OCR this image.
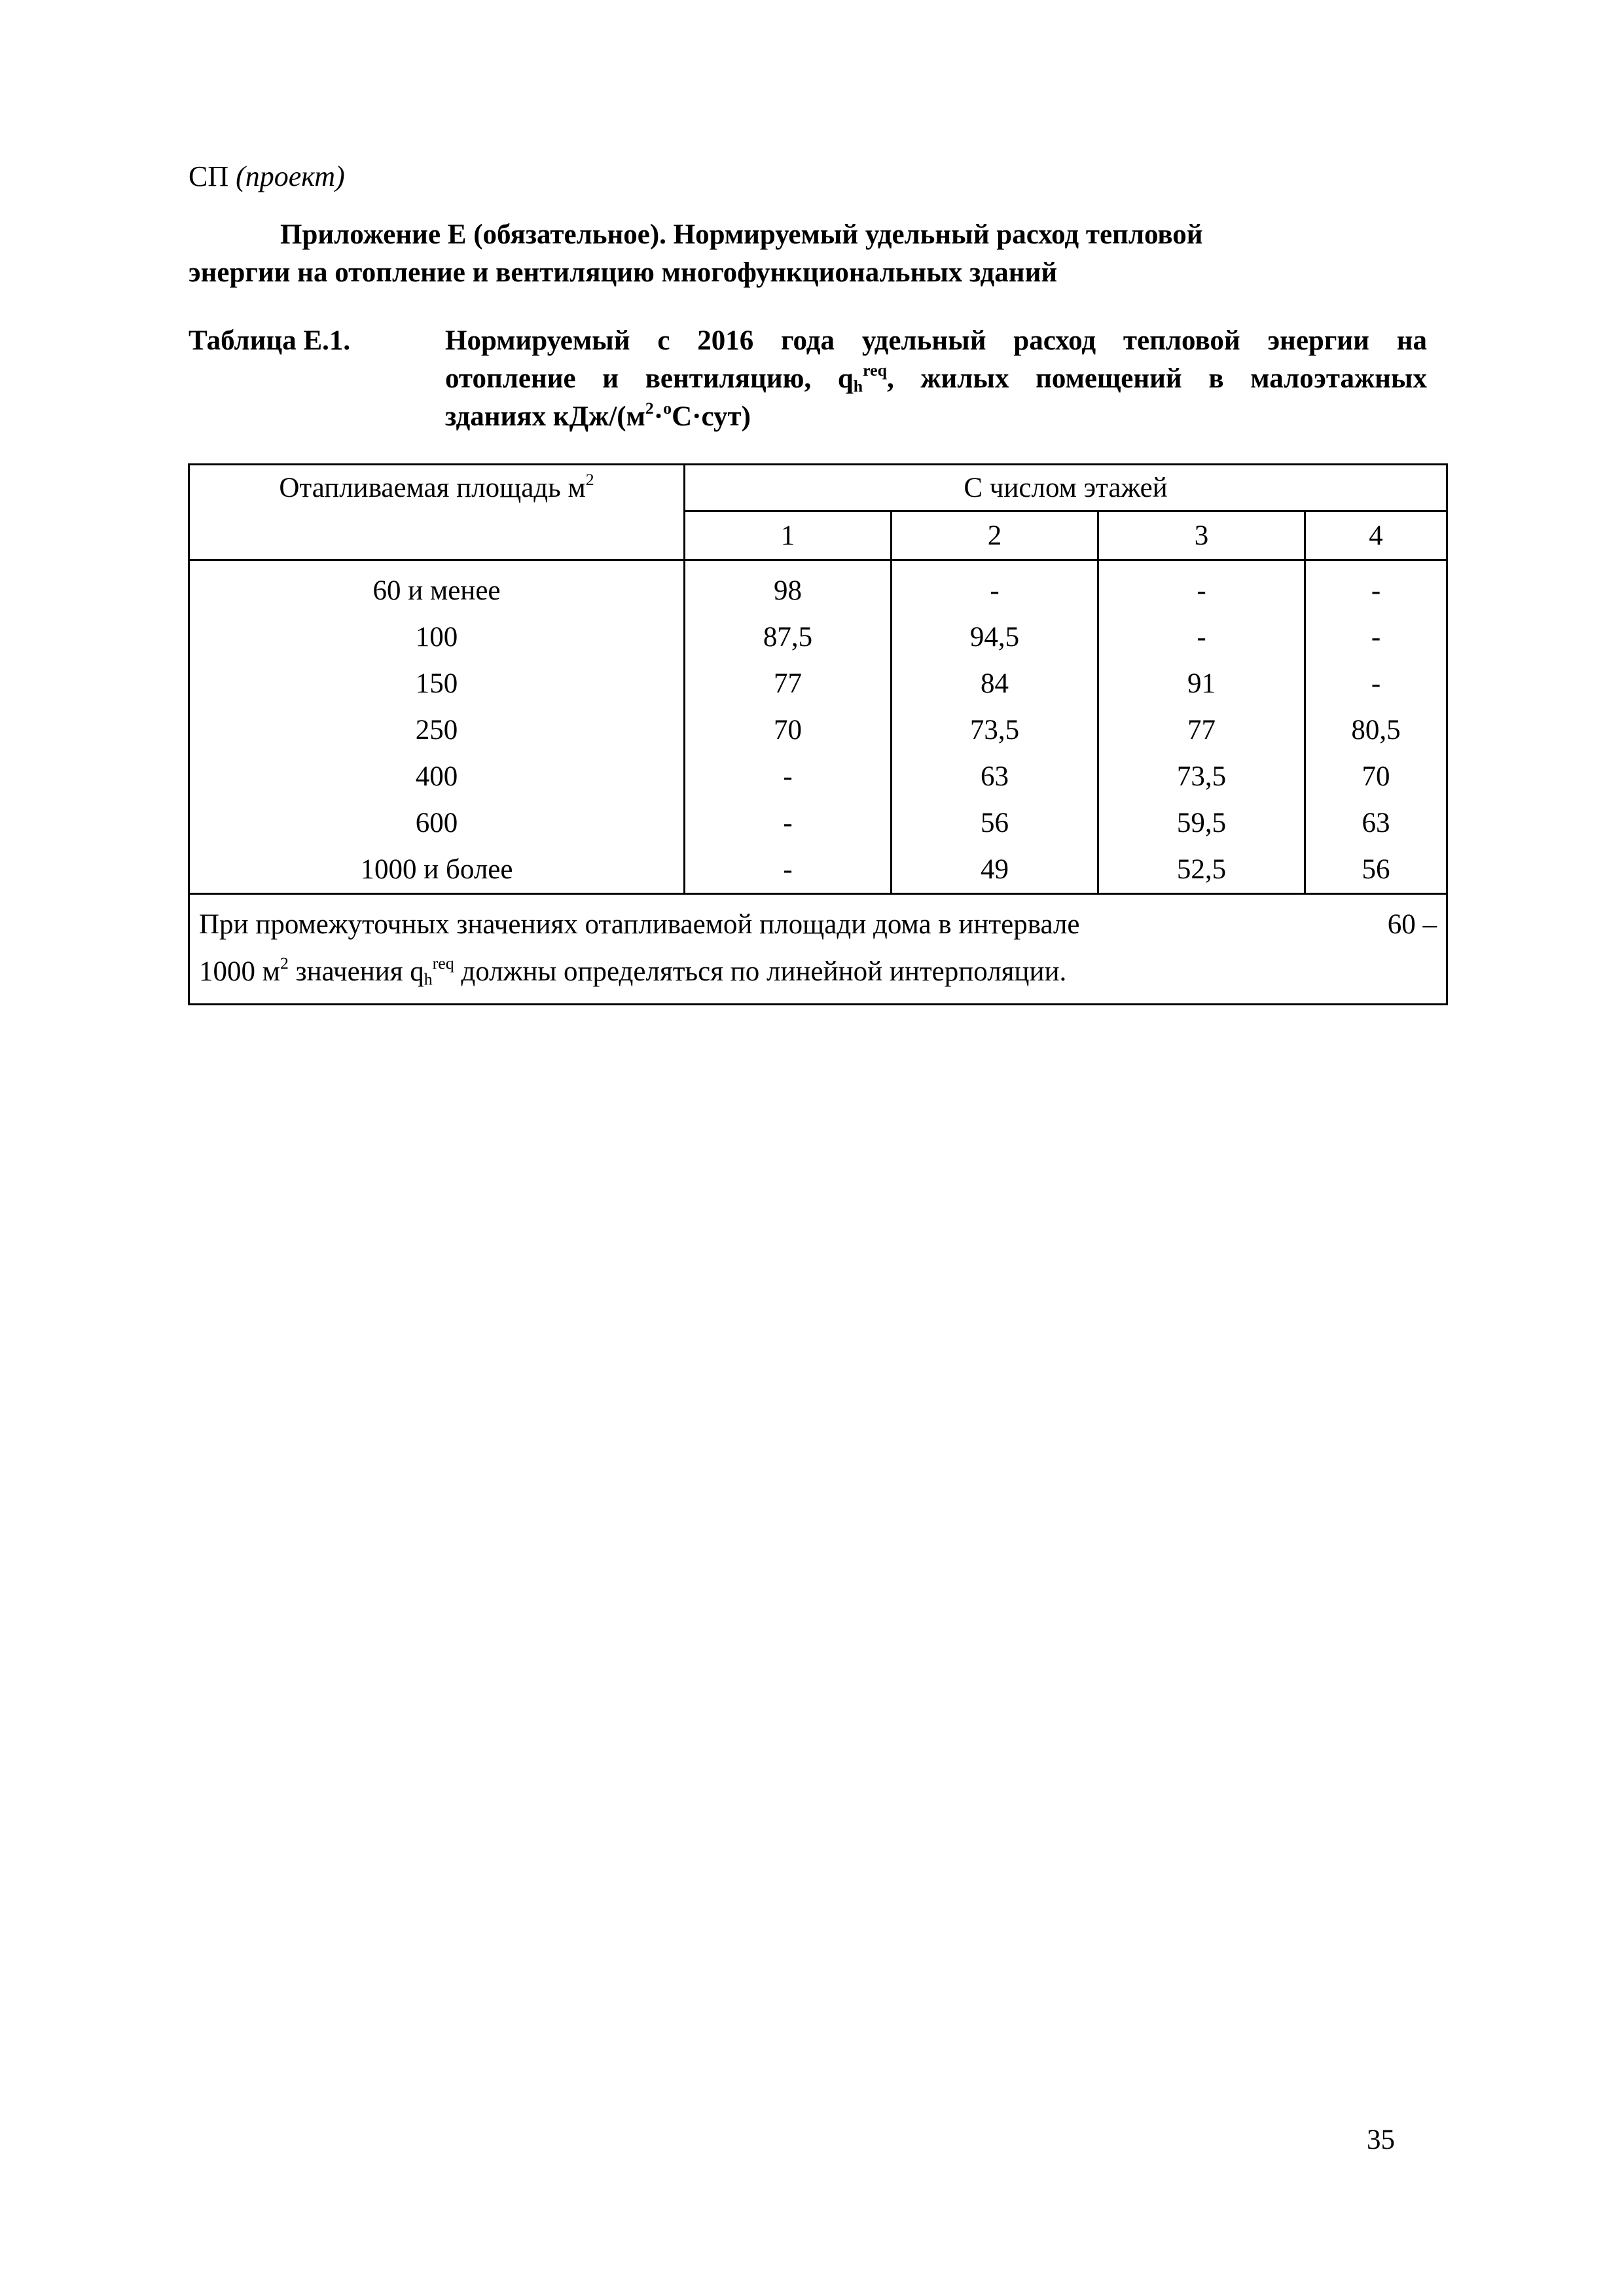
СП (проект)
Приложение Е (обязательное). Нормируемый удельный расход тепловой
энергии на отопление и вентиляцию многофункциональных зданий
Таблица Е.1.	Нормируемый с 2016 года удельный расход тепловой энергии на
отопление и вентиляцию, $q_h^{req}$, жилых помещений в малоэтажных
зданиях кДж/$(м^2\cdot^оС\cdot сут)$
Отапливаемая площадь $м^2$	С числом этажей			
	1	2	3	4
60 и менее	98	-	-	-
100	87,5	94,5	-	-
150	77	84	91	-
250	70	73,5	77	80,5
400	-	63	73,5	70
600	-	56	59,5	63
1000 и более	-	49	52,5	56

При промежуточных значениях отапливаемой площади дома в интервале 60 –
1000 $м^2$ значения $q_h^{req}$ должны определяться по линейной интерполяции.				
35
